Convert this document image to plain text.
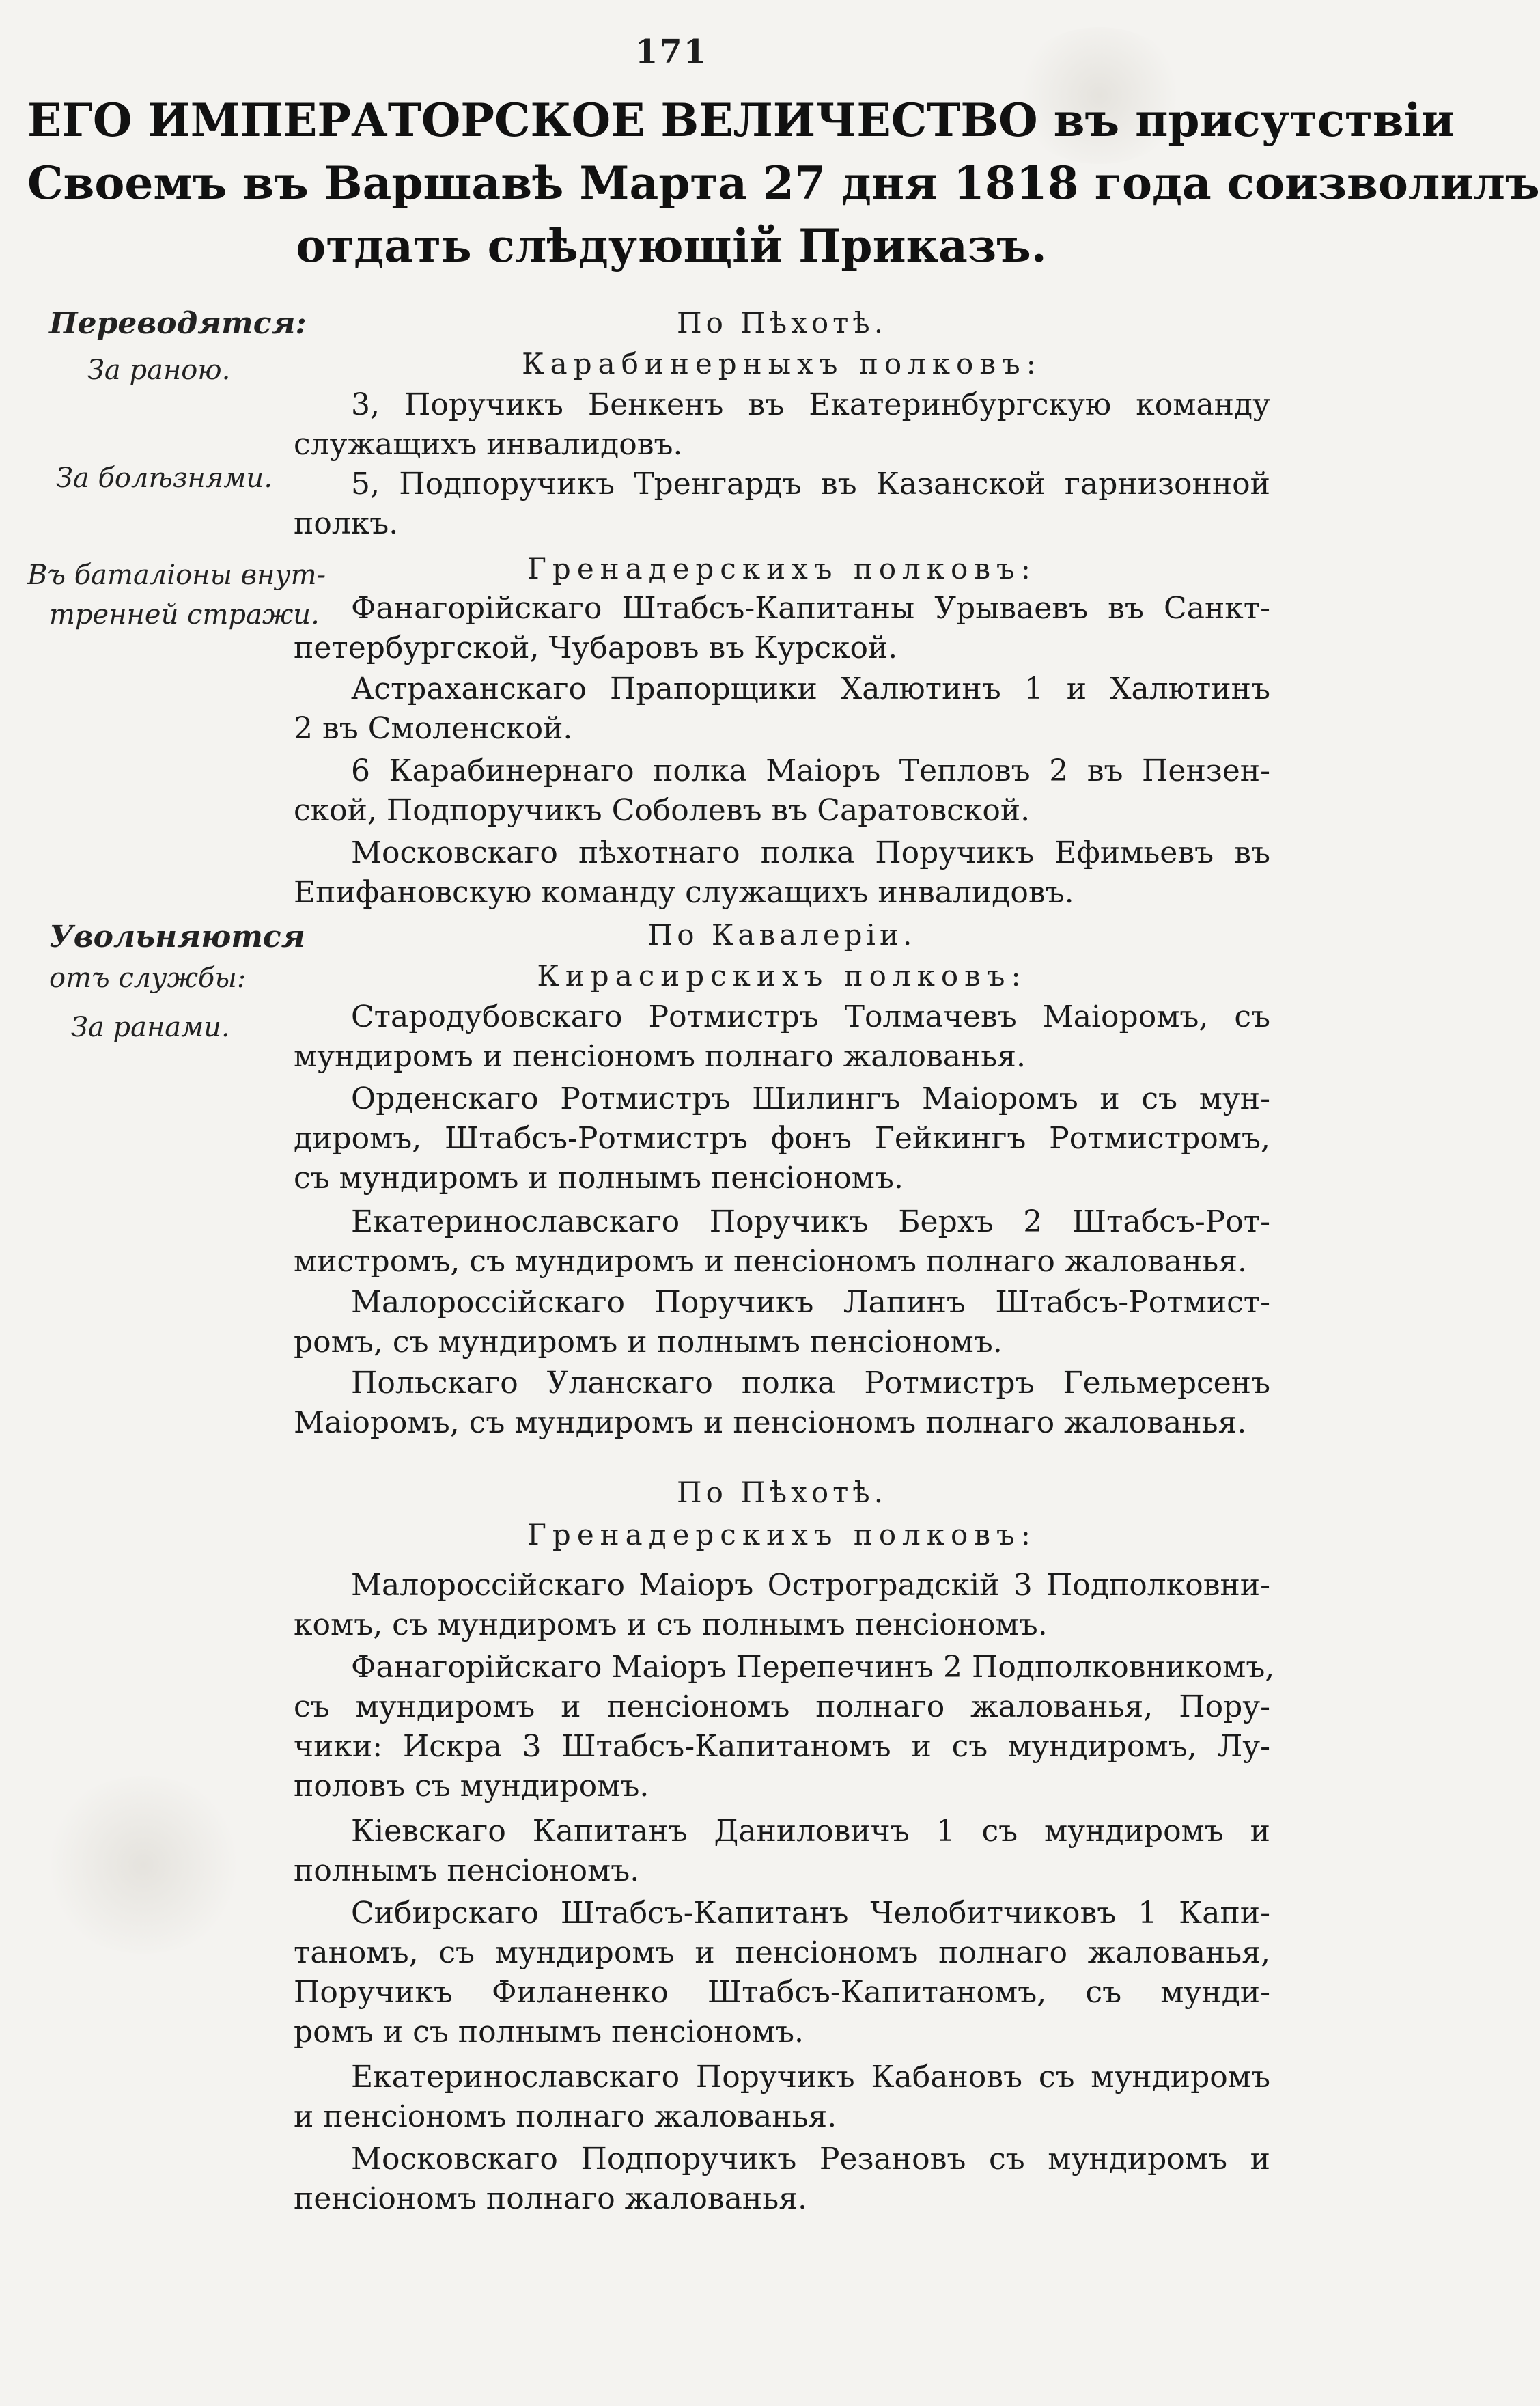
171
ЕГО ИМПЕРАТОРСКОЕ ВЕЛИЧЕСТВО въ присутствіи
Своемъ въ Варшавѣ Марта 27 дня 1818 года соизволилъ
отдать слѣдующій Приказъ.
Переводятся:
За раною.
За болѣзнями.
Въ баталіоны внут-
тренней стражи.
Увольняются
отъ службы:
За ранами.
По Пѣхотѣ.
Карабинерныхъ полковъ:
3, Поручикъ Бенкенъ въ Екатеринбургскую команду
служащихъ инвалидовъ.
5, Подпоручикъ Тренгардъ въ Казанской гарнизонной
полкъ.
Гренадерскихъ полковъ:
Фанагорійскаго Штабсъ-Капитаны Урываевъ въ Санкт-
петербургской, Чубаровъ въ Курской.
Астраханскаго Прапорщики Халютинъ 1 и Халютинъ
2 въ Смоленской.
6 Карабинернаго полка Маіоръ Тепловъ 2 въ Пензен-
ской, Подпоручикъ Соболевъ въ Саратовской.
Московскаго пѣхотнаго полка Поручикъ Ефимьевъ въ
Епифановскую команду служащихъ инвалидовъ.
По Кавалеріи.
Кирасирскихъ полковъ:
Стародубовскаго Ротмистръ Толмачевъ Маіоромъ, съ
мундиромъ и пенсіономъ полнаго жалованья.
Орденскаго Ротмистръ Шилингъ Маіоромъ и съ мун-
диромъ, Штабсъ-Ротмистръ фонъ Гейкингъ Ротмистромъ,
съ мундиромъ и полнымъ пенсіономъ.
Екатеринославскаго Поручикъ Берхъ 2 Штабсъ-Рот-
мистромъ, съ мундиромъ и пенсіономъ полнаго жалованья.
Малороссійскаго Поручикъ Лапинъ Штабсъ-Ротмист-
ромъ, съ мундиромъ и полнымъ пенсіономъ.
Польскаго Уланскаго полка Ротмистръ Гельмерсенъ
Маіоромъ, съ мундиромъ и пенсіономъ полнаго жалованья.
По Пѣхотѣ.
Гренадерскихъ полковъ:
Малороссійскаго Маіоръ Остроградскій 3 Подполковни-
комъ, съ мундиромъ и съ полнымъ пенсіономъ.
Фанагорійскаго Маіоръ Перепечинъ 2 Подполковникомъ,
съ мундиромъ и пенсіономъ полнаго жалованья, Пору-
чики: Искра 3 Штабсъ-Капитаномъ и съ мундиромъ, Лу-
половъ съ мундиромъ.
Кіевскаго Капитанъ Даниловичъ 1 съ мундиромъ и
полнымъ пенсіономъ.
Сибирскаго Штабсъ-Капитанъ Челобитчиковъ 1 Капи-
таномъ, съ мундиромъ и пенсіономъ полнаго жалованья,
Поручикъ Филаненко Штабсъ-Капитаномъ, съ мунди-
ромъ и съ полнымъ пенсіономъ.
Екатеринославскаго Поручикъ Кабановъ съ мундиромъ
и пенсіономъ полнаго жалованья.
Московскаго Подпоручикъ Резановъ съ мундиромъ и
пенсіономъ полнаго жалованья.
